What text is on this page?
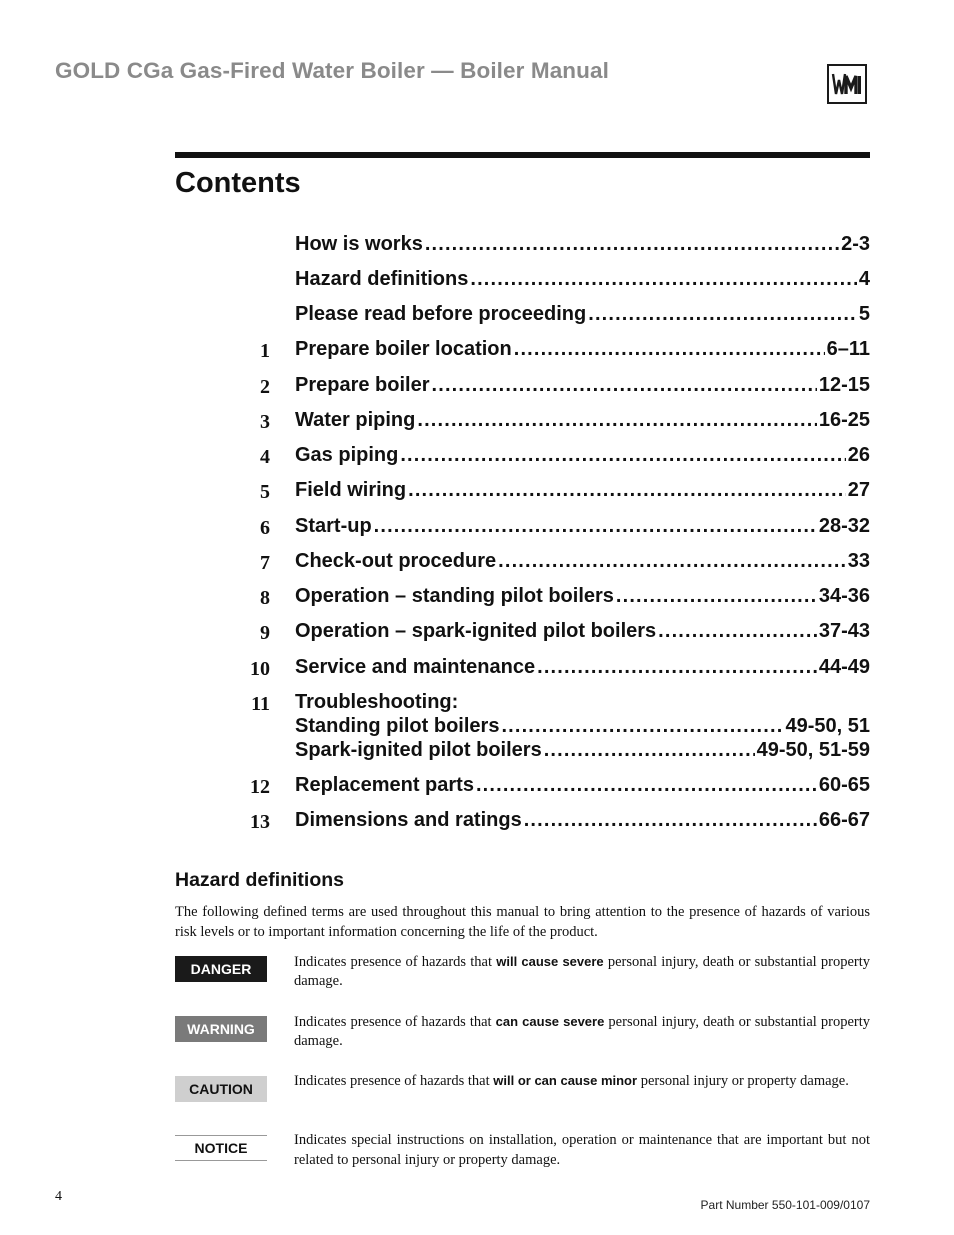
GOLD CGa Gas-Fired Water Boiler — Boiler Manual
Contents
How is works . . .	2-3
Hazard definitions . . .	4
Please read before proceeding . . .	5
1 Prepare boiler location . . .	6–11
2 Prepare boiler . . .	12-15
3 Water piping . . .	16-25
4 Gas piping . . .	26
5 Field wiring . . .	27
6 Start-up . . .	28-32
7 Check-out procedure . . .	33
8 Operation – standing pilot boilers . . .	34-36
9 Operation – spark-ignited pilot boilers . . .	37-43
10 Service and maintenance . . .	44-49
11 Troubleshooting:
Standing pilot boilers . . .	49-50, 51
Spark-ignited pilot boilers . . .	49-50, 51-59
12 Replacement parts . . .	60-65
13 Dimensions and ratings . . .	66-67
Hazard definitions
The following defined terms are used throughout this manual to bring attention to the presence of hazards of various risk levels or to important information concerning the life of the product.
DANGER	Indicates presence of hazards that will cause severe personal injury, death or substantial property damage.
WARNING	Indicates presence of hazards that can cause severe personal injury, death or substantial property damage.
CAUTION	Indicates presence of hazards that will or can cause minor personal injury or property damage.
NOTICE	Indicates special instructions on installation, operation or maintenance that are important but not related to personal injury or property damage.
4
Part Number 550-101-009/0107
